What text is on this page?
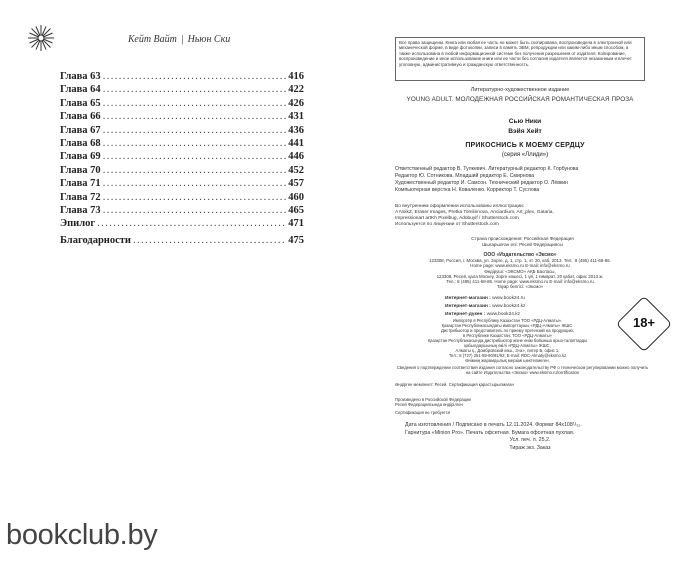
Кейт Вайт | Ньюн Ски
Глава 63 .....	416
Глава 64 .....	422
Глава 65 .....	426
Глава 66 .....	431
Глава 67 .....	436
Глава 68 .....	441
Глава 69 .....	446
Глава 70 .....	452
Глава 71 .....	457
Глава 72 .....	460
Глава 73 .....	465
Эпилог .....	471
Благодарности .....	475
bookclub.by
Все права защищены. Книга или любая ее часть не может быть скопирована, воспроизведена в электронной или механической форме, в виде фотокопии, записи в память ЭВМ, репродукции или каким-либо иным способом, а также использована в любой информационной системе без получения разрешения от издателя. Копирование, воспроизведение и иное использование книги или ее части без согласия издателя является незаконным и влечет уголовную, административную и гражданскую ответственность.
Литературно-художественное издание
YOUNG ADULT. МОЛОДЕЖНАЯ РОССИЙСКАЯ РОМАНТИЧЕСКАЯ ПРОЗА
Сью Ники
Вэйя Хейт
ПРИКОСНИСЬ К МОЕМУ СЕРДЦУ
(серия «Ллиди»)
Ответственный редактор В. Тулкевич. Литературный редактор К. Горбунова
Редактор Ю. Сотникова. Младший редактор Е. Смирнова
Художественный редактор И. Самсон. Технический редактор О. Лёвкин
Компьютерная верстка Н. Коваленко. Корректор Т. Суслова
Во внутреннем оформлении использованы иллюстрации:
A NoikZ, Eraser Images, Pretka Tomlinnova, Anciardium, Art_plex, Gataria,
Impressionart artKh Pixelbug, Adobuyif / Shutterstock.com
Используется по лицензии от Shutterstock.com
Страна происхождения: Российская Федерация
Шығарылған елі: Ресей Федерациясы
ООО «Издательство «Эксмо»
123308, Россия, г. Москва, ул. Зорге, д. 1, стр. 1, эт. 20, каб. 2013. Тел.: 8 (495) 411-68-86.
Home page: www.eksmo.ru E-mail: info@eksmo.ru
Өндіруші: «ЭКСМО» АҚБ Баспасы,
123308, Ресей, қала Мәскеу, Зорге көшесі, 1 үй, 1 ғимарат, 20 қабат, офис 2013 ж.
Тел.: 8 (495) 411-68-86. Home page: www.eksmo.ru E-mail: info@eksmo.ru
Тауар белгісі: «Эксмо»
Интернет-магазин : www.book24.ru
Интернет-магазин : www.book24.kz
Интернет-дүкен : www.book24.kz
18+
Импортёр в Республику Казахстан ТОО «РДЦ-Алматы».
Қазақстан Республикасындағы импорттаушы «РДЦ-Алматы» ЖШС.
Дистрибьютор и представитель по приему претензий на продукцию,
в Республике Казахстан: ТОО «РДЦ-Алматы»
Қазақстан Республикасында дистрибьютор және өнім бойынша арыз-талаптарды
қабылдаушының өкілі «РДЦ-Алматы» ЖШС,
Алматы қ., Домбровский көш., 3«а», литер Б, офис 1.
Тел.: 8 (727) 251-59-90/91/92; E-mail: RDC-Almaty@eksmo.kz
Өнімнің жарамдылық мерзімі шектелмеген.
Сведения о подтверждении соответствия издания согласно законодательству РФ о техническом регулировании можно получить на сайте Издательства «Эксмо» www.eksmo.ru/certification
Өндірген мемлекет: Ресей. Сертификация қарастырылмаған
Произведено в Российской Федерации
Ресей Федерациясында өндірілген
Сертификация не требуется
Дата изготовления / Подписано в печать 12.11.2024. Формат 84x108¹/₃₂.
Гарнитура «Minion Pro». Печать офсетная. Бумага офсетная пухлая.
Усл. печ. л. 25,2.
Тираж экз. Заказ
